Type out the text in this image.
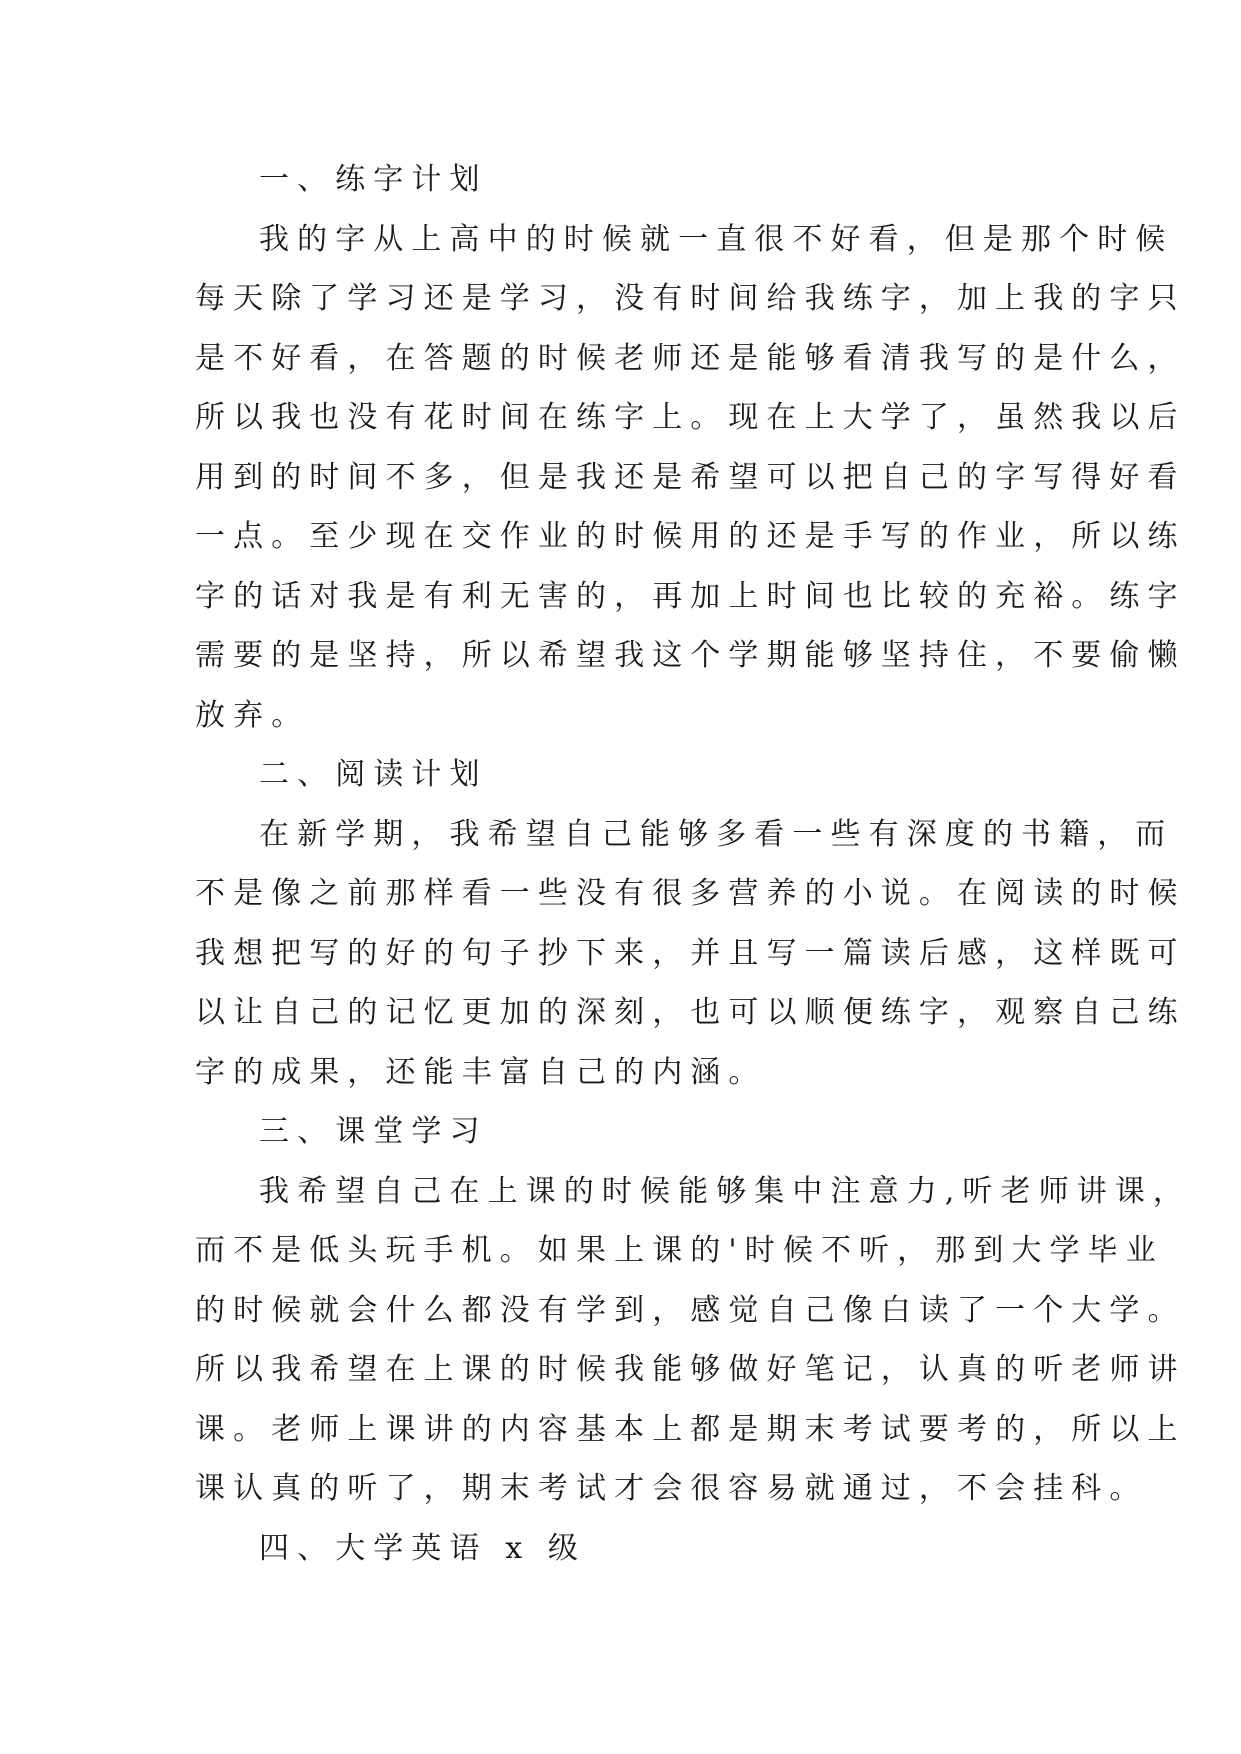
一、练字计划
我的字从上高中的时候就一直很不好看，但是那个时候
每天除了学习还是学习，没有时间给我练字，加上我的字只
是不好看，在答题的时候老师还是能够看清我写的是什么，
所以我也没有花时间在练字上。现在上大学了，虽然我以后
用到的时间不多，但是我还是希望可以把自己的字写得好看
一点。至少现在交作业的时候用的还是手写的作业，所以练
字的话对我是有利无害的，再加上时间也比较的充裕。练字
需要的是坚持，所以希望我这个学期能够坚持住，不要偷懒
放弃。
二、阅读计划
在新学期，我希望自己能够多看一些有深度的书籍，而
不是像之前那样看一些没有很多营养的小说。在阅读的时候
我想把写的好的句子抄下来，并且写一篇读后感，这样既可
以让自己的记忆更加的深刻，也可以顺便练字，观察自己练
字的成果，还能丰富自己的内涵。
三、课堂学习
我希望自己在上课的时候能够集中注意力,听老师讲课，
而不是低头玩手机。如果上课的'时候不听，那到大学毕业
的时候就会什么都没有学到，感觉自己像白读了一个大学。
所以我希望在上课的时候我能够做好笔记，认真的听老师讲
课。老师上课讲的内容基本上都是期末考试要考的，所以上
课认真的听了，期末考试才会很容易就通过，不会挂科。
四、大学英语 x 级
